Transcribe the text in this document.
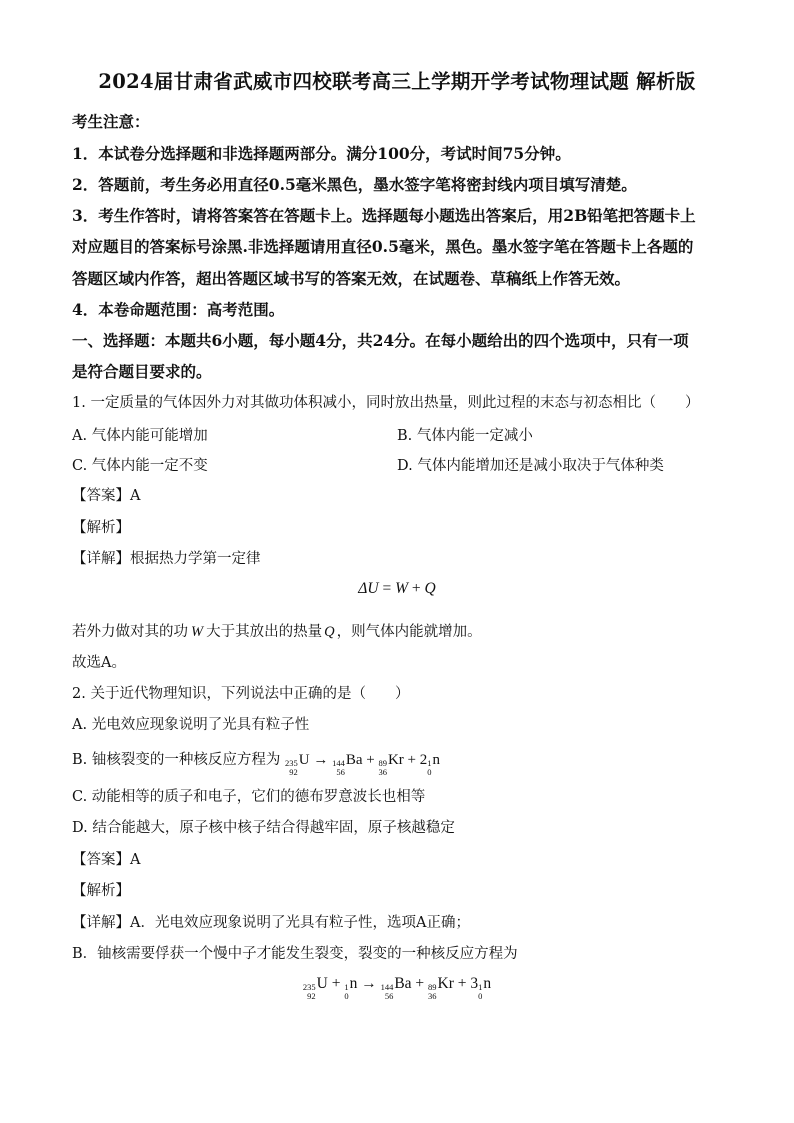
2024届甘肃省武威市四校联考高三上学期开学考试物理试题 解析版
考生注意：
1．本试卷分选择题和非选择题两部分。满分100分，考试时间75分钟。
2．答题前，考生务必用直径0.5毫米黑色，墨水签字笔将密封线内项目填写清楚。
3．考生作答时，请将答案答在答题卡上。选择题每小题选出答案后，用2B铅笔把答题卡上
对应题目的答案标号涂黑.非选择题请用直径0.5毫米，黑色。墨水签字笔在答题卡上各题的
答题区域内作答，超出答题区域书写的答案无效，在试题卷、草稿纸上作答无效。
4．本卷命题范围：高考范围。
一、选择题：本题共6小题，每小题4分，共24分。在每小题给出的四个选项中，只有一项
是符合题目要求的。
1. 一定质量的气体因外力对其做功体积减小，同时放出热量，则此过程的末态与初态相比（　　）
A. 气体内能可能增加	B. 气体内能一定减小
C. 气体内能一定不变	D. 气体内能增加还是减小取决于气体种类
【答案】A
【解析】
【详解】根据热力学第一定律
ΔU = W + Q
若外力做对其的功 W 大于其放出的热量 Q ，则气体内能就增加。
故选A。
2. 关于近代物理知识，下列说法中正确的是（　　）
A. 光电效应现象说明了光具有粒子性
B. 铀核裂变的一种核反应方程为 235
92
U → 144
56
Ba + 89
36
Kr + 2 1
0
n
C. 动能相等的质子和电子，它们的德布罗意波长也相等
D. 结合能越大，原子核中核子结合得越牢固，原子核越稳定
【答案】A
【解析】
【详解】A．光电效应现象说明了光具有粒子性，选项A正确；
B．铀核需要俘获一个慢中子才能发生裂变，裂变的一种核反应方程为
235
92
U + 1
0
n → 144
56
Ba + 89
36
Kr + 3 1
0
n
